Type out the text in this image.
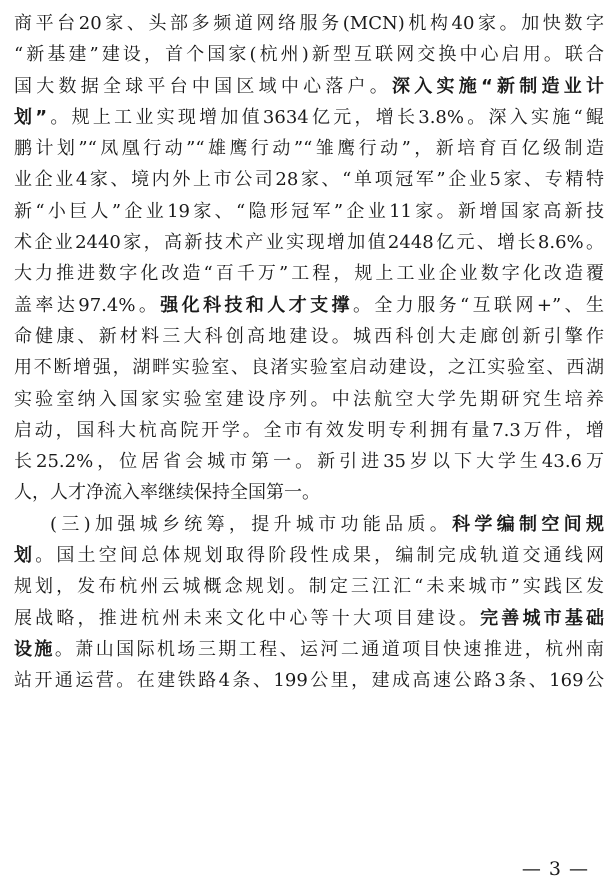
商平台20家、头部多频道网络服务(MCN)机构40家。加快数字
“新基建”建设，首个国家(杭州)新型互联网交换中心启用。联合
国大数据全球平台中国区域中心落户。深入实施“新制造业计
划”。规上工业实现增加值3634亿元，增长3.8%。深入实施“鲲
鹏计划”“凤凰行动”“雄鹰行动”“雏鹰行动”，新培育百亿级制造
业企业4家、境内外上市公司28家、“单项冠军”企业5家、专精特
新“小巨人”企业19家、“隐形冠军”企业11家。新增国家高新技
术企业2440家，高新技术产业实现增加值2448亿元、增长8.6%。
大力推进数字化改造“百千万”工程，规上工业企业数字化改造覆
盖率达97.4%。强化科技和人才支撑。全力服务“互联网+”、生
命健康、新材料三大科创高地建设。城西科创大走廊创新引擎作
用不断增强，湖畔实验室、良渚实验室启动建设，之江实验室、西湖
实验室纳入国家实验室建设序列。中法航空大学先期研究生培养
启动，国科大杭高院开学。全市有效发明专利拥有量7.3万件，增
长25.2%，位居省会城市第一。新引进35岁以下大学生43.6万
人，人才净流入率继续保持全国第一。
(三)加强城乡统筹，提升城市功能品质。科学编制空间规
划。国土空间总体规划取得阶段性成果，编制完成轨道交通线网
规划，发布杭州云城概念规划。制定三江汇“未来城市”实践区发
展战略，推进杭州未来文化中心等十大项目建设。完善城市基础
设施。萧山国际机场三期工程、运河二通道项目快速推进，杭州南
站开通运营。在建铁路4条、199公里，建成高速公路3条、169公
— 3 —
